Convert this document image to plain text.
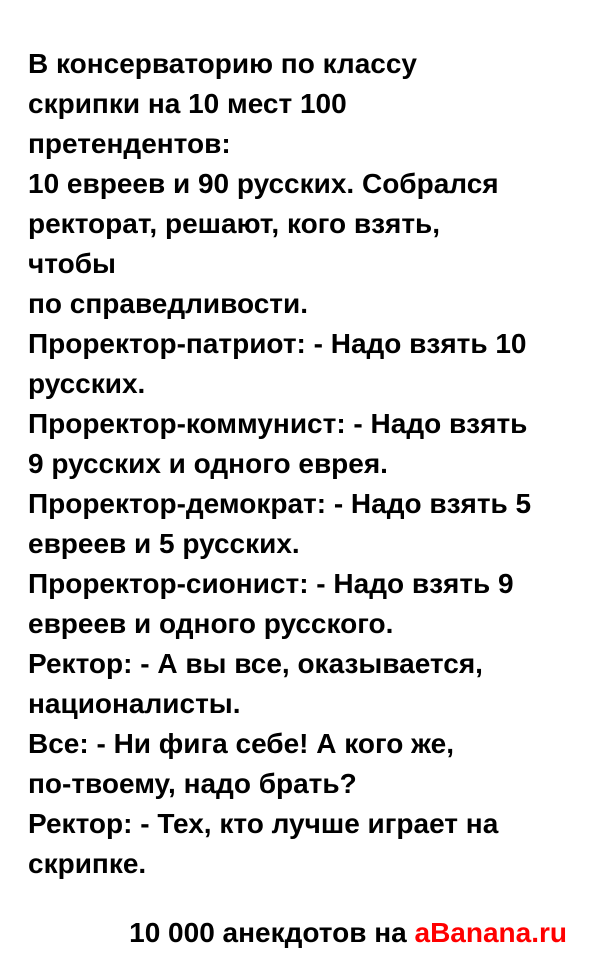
В консерваторию по классу
скрипки на 10 мест 100
претендентов:
10 евреев и 90 русских. Собрался
ректорат, решают, кого взять,
чтобы
по справедливости.
Проректор-патриот: - Надо взять 10
русских.
Проректор-коммунист: - Надо взять
9 русских и одного еврея.
Проректор-демократ: - Надо взять 5
евреев и 5 русских.
Проректор-сионист: - Надо взять 9
евреев и одного русского.
Ректор: - А вы все, оказывается,
националисты.
Все: - Ни фига себе! А кого же,
по-твоему, надо брать?
Ректор: - Тех, кто лучше играет на
скрипке.
10 000 анекдотов на aBanana.ru
